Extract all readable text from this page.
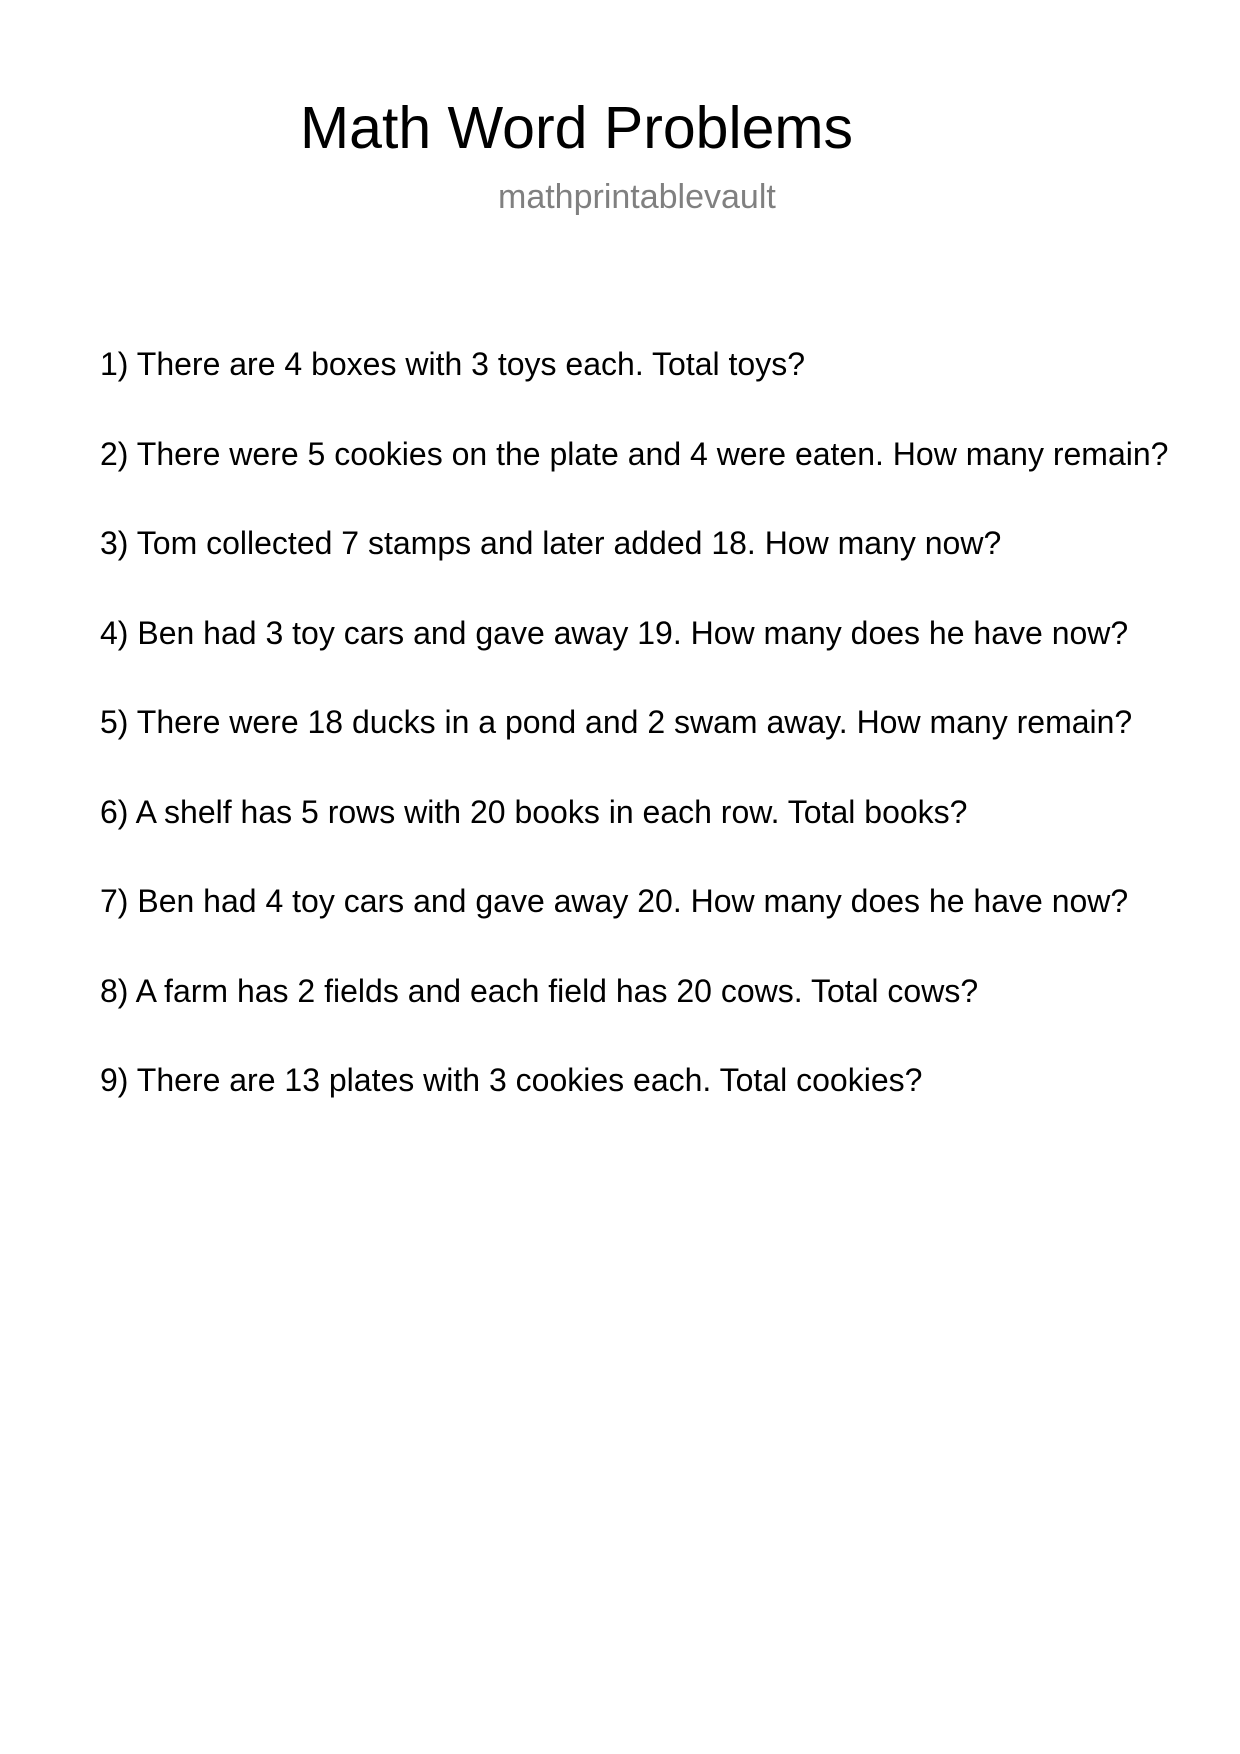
Math Word Problems
mathprintablevault
1) There are 4 boxes with 3 toys each. Total toys?
2) There were 5 cookies on the plate and 4 were eaten. How many remain?
3) Tom collected 7 stamps and later added 18. How many now?
4) Ben had 3 toy cars and gave away 19. How many does he have now?
5) There were 18 ducks in a pond and 2 swam away. How many remain?
6) A shelf has 5 rows with 20 books in each row. Total books?
7) Ben had 4 toy cars and gave away 20. How many does he have now?
8) A farm has 2 fields and each field has 20 cows. Total cows?
9) There are 13 plates with 3 cookies each. Total cookies?
